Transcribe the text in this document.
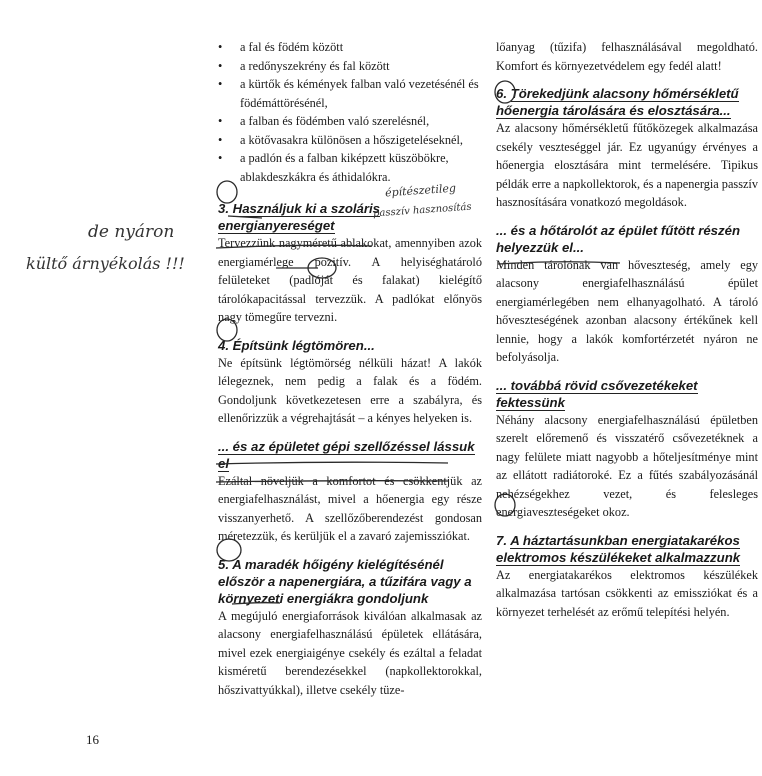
• a fal és födém között
• a redőnyszekrény és fal között
• a kürtők és kémények falban való vezetésénél és födémáttörésénél,
• a falban és födémben való szerelésnél,
• a kötővasakra különösen a hőszigeteléseknél,
• a padlón és a falban kiképzett küszöbökre, ablakdeszkákra és áthidalókra.

3. Használjuk ki a szoláris energianyereséget

Tervezzünk nagyméretű ablakokat, amennyiben azok energiamérlege pozitív. A helyiséghatároló felületeket (padlóját és falakat) kielégítő tárolókapacitással tervezzük. A padlókat előnyös nagy tömegűre tervezni.

4. Építsünk légtömören...

Ne építsünk légtömörség nélküli házat! A lakók lélegeznek, nem pedig a falak és a födém. Gondoljunk következetesen erre a szabályra, és ellenőrizzük a végrehajtását – a kényes helyeken is.

... és az épületet gépi szellőzéssel lássuk el

Ezáltal növeljük a komfortot és csökkentjük az energiafelhasználást, mivel a hőenergia egy része visszanyerhető. A szellőzőberendezést gondosan méretezzük, és kerüljük el a zavaró zajemissziókat.

5. A maradék hőigény kielégítésénél először a napenergiára, a tűzifára vagy a környezeti energiákra gondoljunk

A megújuló energiaforrások kiválóan alkalmasak az alacsony energiafelhasználású épületek ellátására, mivel ezek energiaigénye csekély és ezáltal a feladat kisméretű berendezésekkel (napkollektorokkal, hőszivattyúkkal), illetve csekély tüze-

lőanyag (tűzifa) felhasználásával megoldható. Komfort és környezetvédelem egy fedél alatt!

6. Törekedjünk alacsony hőmérsékletű hőenergia tárolására és elosztására...

Az alacsony hőmérsékletű fűtőközegek alkalmazása csekély veszteséggel jár. Ez ugyanúgy érvényes a hőenergia elosztására mint termelésére. Tipikus példák erre a napkollektorok, és a napenergia passzív hasznosítására vonatkozó megoldások.

... és a hőtárolót az épület fűtött részén helyezzük el...

Minden tárolónak van hőveszteség, amely egy alacsony energiafelhasználású épület energiamérlegében nem elhanyagolható. A tároló hőveszteségének azonban alacsony értékűnek kell lennie, hogy a lakók komfortérzetét nyáron ne befolyásolja.

... továbbá rövid csővezetékeket fektessünk

Néhány alacsony energiafelhasználású épületben szerelt előremenő és visszatérő csővezetéknek a nagy felülete miatt nagyobb a hőteljesítménye mint az ellátott radiátoroké. Ez a fűtés szabályozásánál nehézségekhez vezet, és felesleges energiaveszteségeket okoz.

7. A háztartásunkban energiatakarékos elektromos készülékeket alkalmazzunk

Az energiatakarékos elektromos készülékek alkalmazása tartósan csökkenti az emissziókat és a környezet terhelését az erőmű telepítési helyén.

de nyáron
kültő árnyékolás !!!
építészetileg
passzív hasznosítás
16
